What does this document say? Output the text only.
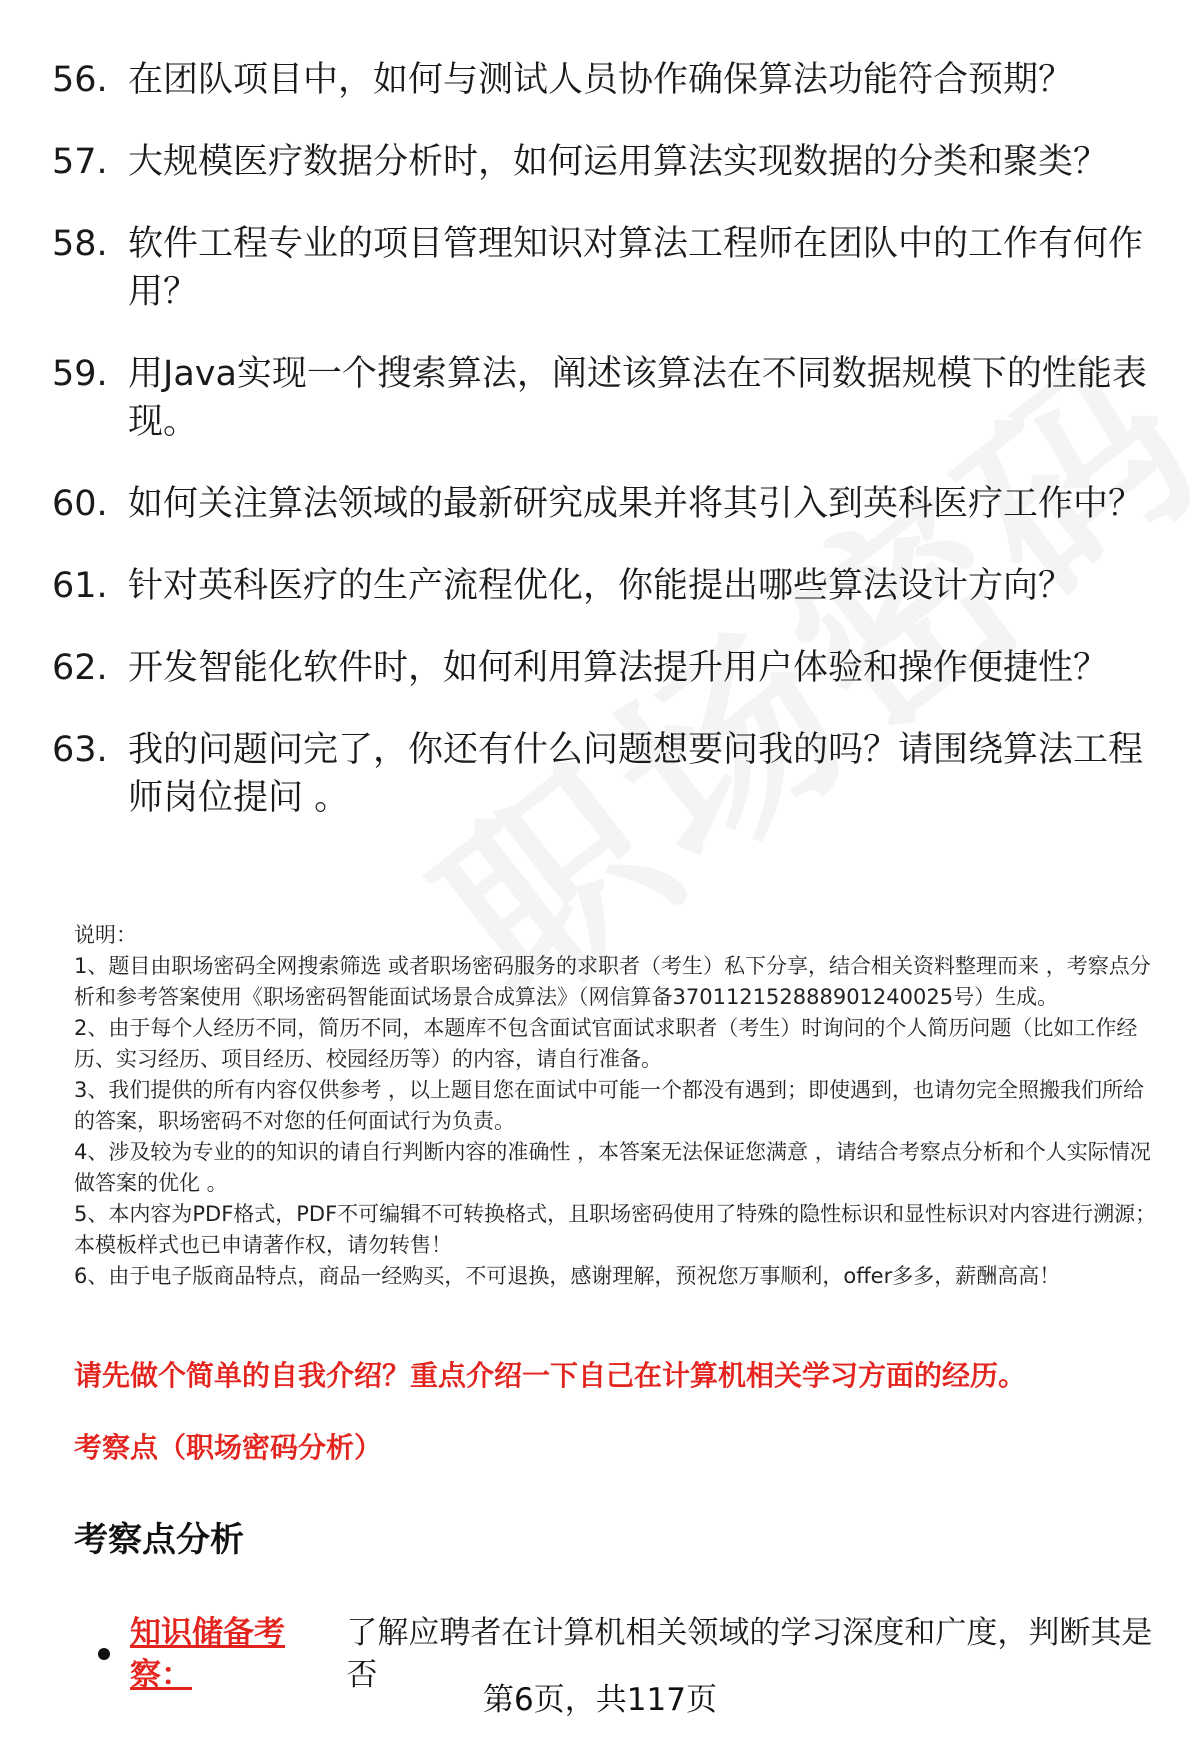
56. 在团队项目中，如何与测试人员协作确保算法功能符合预期？
57. 大规模医疗数据分析时，如何运用算法实现数据的分类和聚类？
58. 软件工程专业的项目管理知识对算法工程师在团队中的工作有何作用？
59. 用Java实现一个搜索算法，阐述该算法在不同数据规模下的性能表现。
60. 如何关注算法领域的最新研究成果并将其引入到英科医疗工作中？
61. 针对英科医疗的生产流程优化，你能提出哪些算法设计方向？
62. 开发智能化软件时，如何利用算法提升用户体验和操作便捷性？
63. 我的问题问完了，你还有什么问题想要问我的吗？请围绕算法工程师岗位提问 。

说明：

1、题目由职场密码全网搜索筛选 或者职场密码服务的求职者（考生）私下分享，结合相关资料整理而来 ，考察点分析和参考答案使用《职场密码智能面试场景合成算法》（网信算备370112152888901240025号）生成。

2、由于每个人经历不同，简历不同，本题库不包含面试官面试求职者（考生）时询问的个人简历问题（比如工作经历、实习经历、项目经历、校园经历等）的内容，请自行准备。

3、我们提供的所有内容仅供参考 ，以上题目您在面试中可能一个都没有遇到；即使遇到，也请勿完全照搬我们所给的答案，职场密码不对您的任何面试行为负责。

4、涉及较为专业的的知识的请自行判断内容的准确性 ，本答案无法保证您满意 ，请结合考察点分析和个人实际情况做答案的优化 。

5、本内容为PDF格式，PDF不可编辑不可转换格式，且职场密码使用了特殊的隐性标识和显性标识对内容进行溯源；本模板样式也已申请著作权，请勿转售！

6、由于电子版商品特点，商品一经购买，不可退换，感谢理解，预祝您万事顺利，offer多多，薪酬高高！

请先做个简单的自我介绍？重点介绍一下自己在计算机相关学习方面的经历。
考察点（职场密码分析）
考察点分析
知识储备考察：
了解应聘者在计算机相关领域的学习深度和广度，判断其是否
第6页，共117页
